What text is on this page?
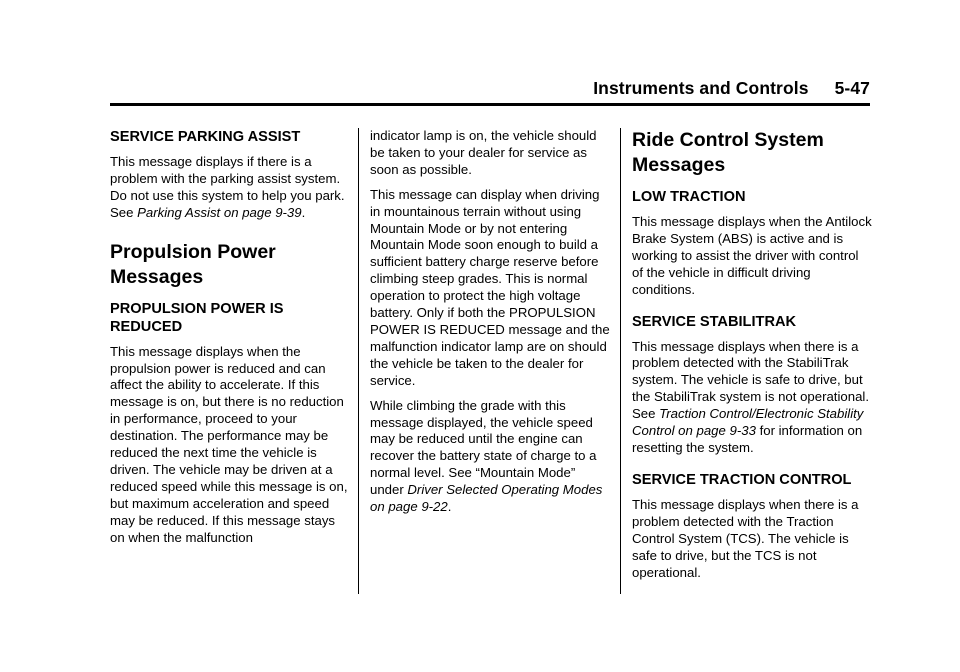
Instruments and Controls 5-47
SERVICE PARKING ASSIST

This message displays if there is a problem with the parking assist system. Do not use this system to help you park. See Parking Assist on page 9-39.

Propulsion Power Messages
PROPULSION POWER IS REDUCED

This message displays when the propulsion power is reduced and can affect the ability to accelerate. If this message is on, but there is no reduction in performance, proceed to your destination. The performance may be reduced the next time the vehicle is driven. The vehicle may be driven at a reduced speed while this message is on, but maximum acceleration and speed may be reduced. If this message stays on when the malfunction

indicator lamp is on, the vehicle should be taken to your dealer for service as soon as possible.

This message can display when driving in mountainous terrain without using Mountain Mode or by not entering Mountain Mode soon enough to build a sufficient battery charge reserve before climbing steep grades. This is normal operation to protect the high voltage battery. Only if both the PROPULSION POWER IS REDUCED message and the malfunction indicator lamp are on should the vehicle be taken to the dealer for service.

While climbing the grade with this message displayed, the vehicle speed may be reduced until the engine can recover the battery state of charge to a normal level. See “Mountain Mode” under Driver Selected Operating Modes on page 9-22.

Ride Control System Messages
LOW TRACTION

This message displays when the Antilock Brake System (ABS) is active and is working to assist the driver with control of the vehicle in difficult driving conditions.

SERVICE STABILITRAK

This message displays when there is a problem detected with the StabiliTrak system. The vehicle is safe to drive, but the StabiliTrak system is not operational. See Traction Control/Electronic Stability Control on page 9-33 for information on resetting the system.

SERVICE TRACTION CONTROL

This message displays when there is a problem detected with the Traction Control System (TCS). The vehicle is safe to drive, but the TCS is not operational.
